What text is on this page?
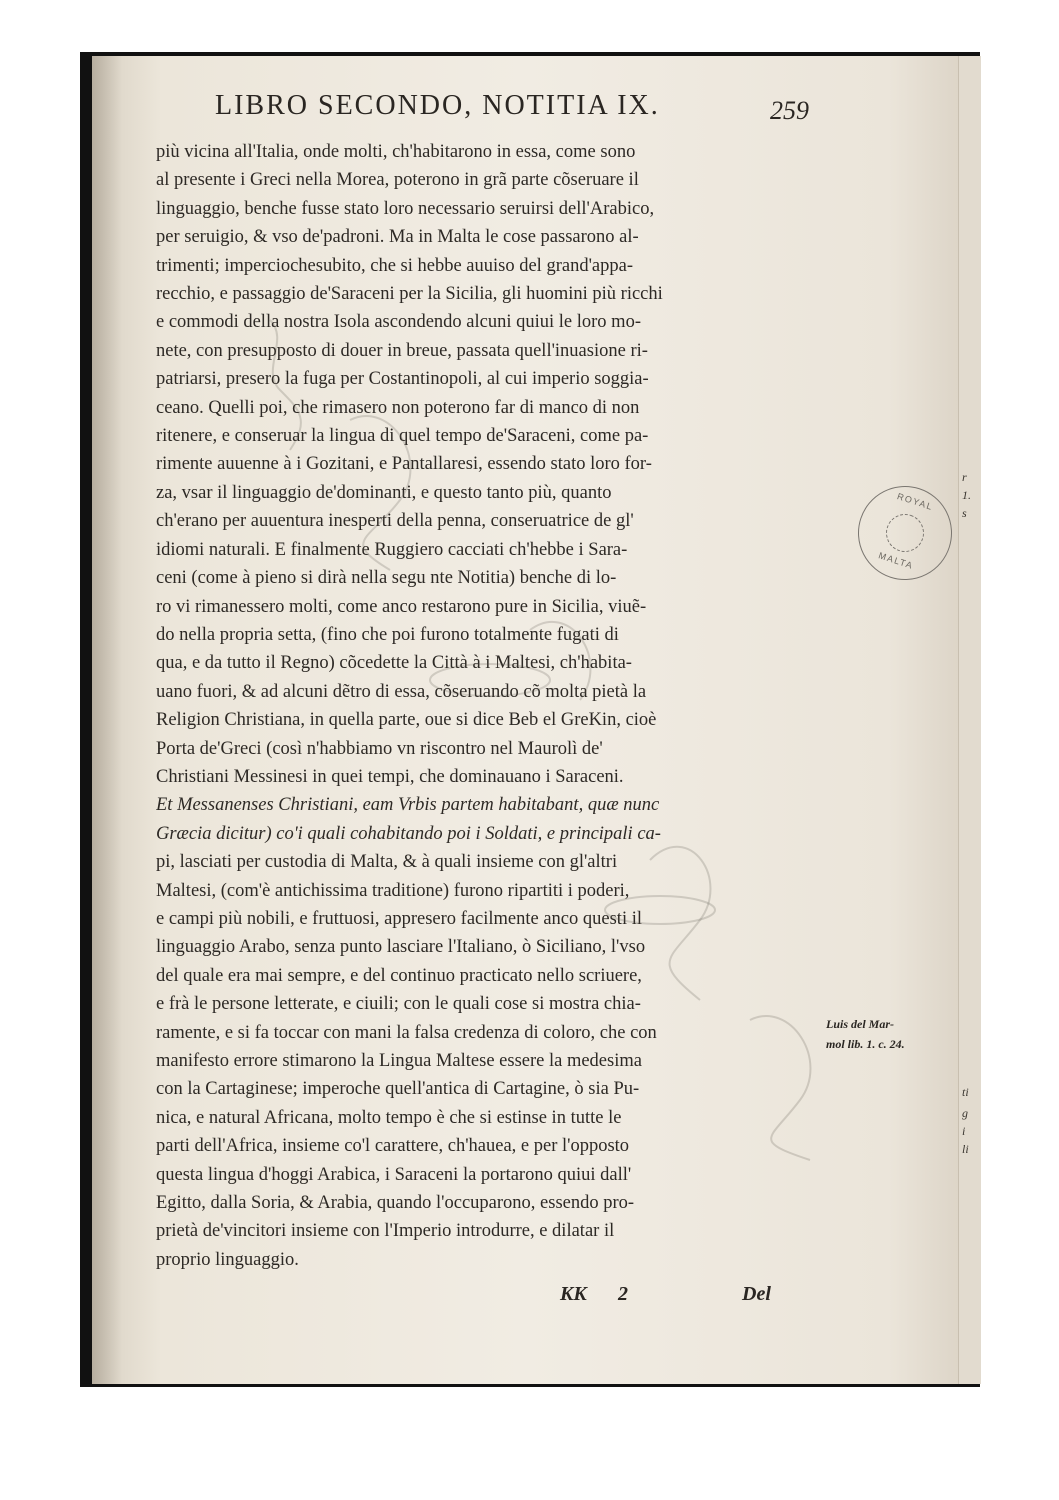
LIBRO SECONDO, NOTITIA IX.	259
più vicina all'Italia, onde molti, ch'habitarono in essa, come sono
al presente i Greci nella Morea, poterono in grã parte cõseruare il
linguaggio, benche fusse stato loro necessario seruirsi dell'Arabico,
per seruigio, & vso de'padroni. Ma in Malta le cose passarono al-
trimenti; imperciochesubito, che si hebbe auuiso del grand'appa-
recchio, e passaggio de'Saraceni per la Sicilia, gli huomini più ricchi
e commodi della nostra Isola ascondendo alcuni quiui le loro mo-
nete, con presupposto di douer in breue, passata quell'inuasione ri-
patriarsi, presero la fuga per Costantinopoli, al cui imperio soggia-
ceano. Quelli poi, che rimasero non poterono far di manco di non
ritenere, e conseruar la lingua di quel tempo de'Saraceni, come pa-
rimente auuenne à i Gozitani, e Pantallaresi, essendo stato loro for-
za, vsar il linguaggio de'dominanti, e questo tanto più, quanto
ch'erano per auuentura inesperti della penna, conseruatrice de gl'
idiomi naturali. E finalmente Ruggiero cacciati ch'hebbe i Sara-
ceni (come à pieno si dirà nella segu nte Notitia) benche di lo-
ro vi rimanessero molti, come anco restarono pure in Sicilia, viuẽ-
do nella propria setta, (fino che poi furono totalmente fugati di
qua, e da tutto il Regno) cõcedette la Città à i Maltesi, ch'habita-
uano fuori, & ad alcuni dẽtro di essa, cõseruando cõ molta pietà la
Religion Christiana, in quella parte, oue si dice Beb el GreKin, cioè
Porta de'Greci (così n'habbiamo vn riscontro nel Maurolì de'
Christiani Messinesi in quei tempi, che dominauano i Saraceni.
Et Messanenses Christiani, eam Vrbis partem habitabant, quæ nunc
Græcia dicitur) co'i quali cohabitando poi i Soldati, e principali ca-
pi, lasciati per custodia di Malta, & à quali insieme con gl'altri
Maltesi, (com'è antichissima traditione) furono ripartiti i poderi,
e campi più nobili, e fruttuosi, appresero facilmente anco questi il
linguaggio Arabo, senza punto lasciare l'Italiano, ò Siciliano, l'vso
del quale era mai sempre, e del continuo practicato nello scriuere,
e frà le persone letterate, e ciuili; con le quali cose si mostra chia-
ramente, e si fa toccar con mani la falsa credenza di coloro, che con
manifesto errore stimarono la Lingua Maltese essere la medesima
con la Cartaginese; imperoche quell'antica di Cartagine, ò sia Pu-
nica, e natural Africana, molto tempo è che si estinse in tutte le
parti dell'Africa, insieme co'l carattere, ch'hauea, e per l'opposto
questa lingua d'hoggi Arabica, i Saraceni la portarono quiui dall'
Egitto, dalla Soria, & Arabia, quando l'occuparono, essendo pro-
prietà de'vincitori insieme con l'Imperio introdurre, e dilatar il
proprio linguaggio.
Luis del Mar-
mol lib. 1. c. 24.
KK 2	Del
ROYAL
MALTA
r
1.
s
ti
g
i
li
